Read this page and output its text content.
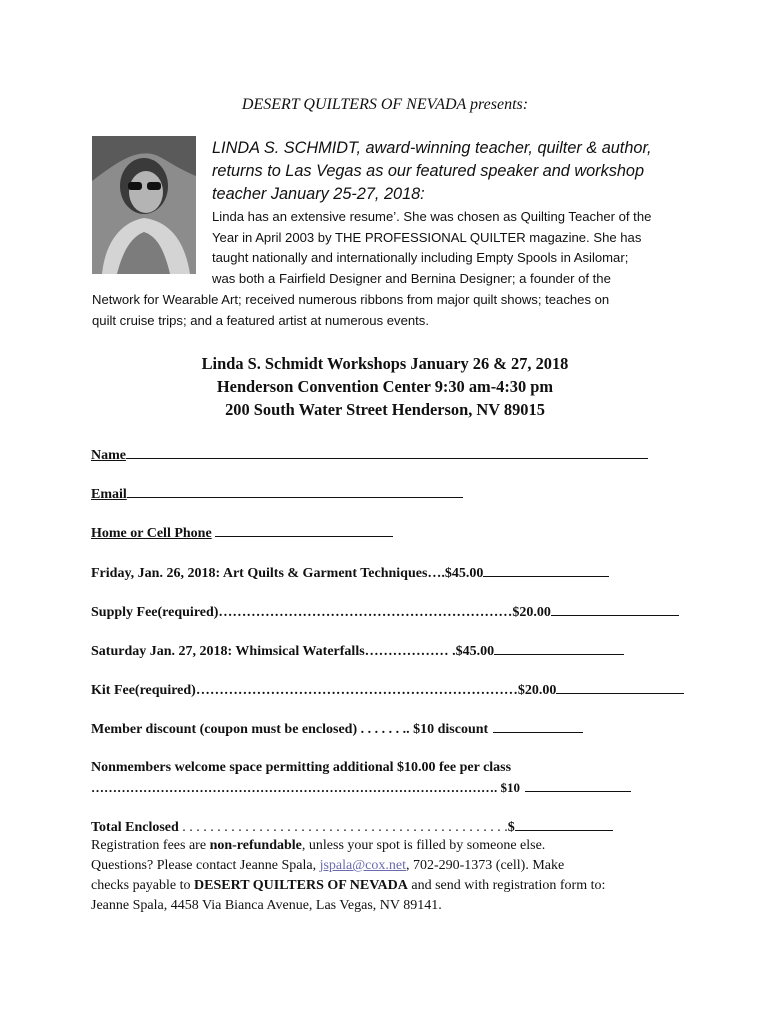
DESERT QUILTERS OF NEVADA presents:
LINDA S. SCHMIDT, award-winning teacher, quilter & author,
returns to Las Vegas as our featured speaker and workshop
teacher January 25-27, 2018:
Linda has an extensive resume’. She was chosen as Quilting Teacher of the
Year in April 2003 by THE PROFESSIONAL QUILTER magazine. She has
taught nationally and internationally including Empty Spools in Asilomar;
was both a Fairfield Designer and Bernina Designer; a founder of the
Network for Wearable Art; received numerous ribbons from major quilt shows; teaches on
quilt cruise trips; and a featured artist at numerous events.
Linda S. Schmidt Workshops January 26 & 27, 2018
Henderson Convention Center 9:30 am-4:30 pm
200 South Water Street Henderson, NV 89015
Name
Email
Home or Cell Phone
Friday, Jan. 26, 2018: Art Quilts & Garment Techniques….$45.00
Supply Fee(required)………………………………………………………$20.00
Saturday Jan. 27, 2018: Whimsical Waterfalls……………… .$45.00
Kit Fee(required)……………………………………………………………$20.00
Member discount (coupon must be enclosed) . . . . . . .. $10 discount
Nonmembers welcome space permitting additional $10.00 fee per class
…………………………………………………………………………………. $10
Total Enclosed . . . . . . . . . . . . . . . . . . . . . . . . . . . . . . . . . . . . . . . . . . . . . . .$
Registration fees are non-refundable, unless your spot is filled by someone else.
Questions? Please contact Jeanne Spala, jspala@cox.net, 702-290-1373 (cell). Make
checks payable to DESERT QUILTERS OF NEVADA and send with registration form to:
Jeanne Spala, 4458 Via Bianca Avenue, Las Vegas, NV 89141.
